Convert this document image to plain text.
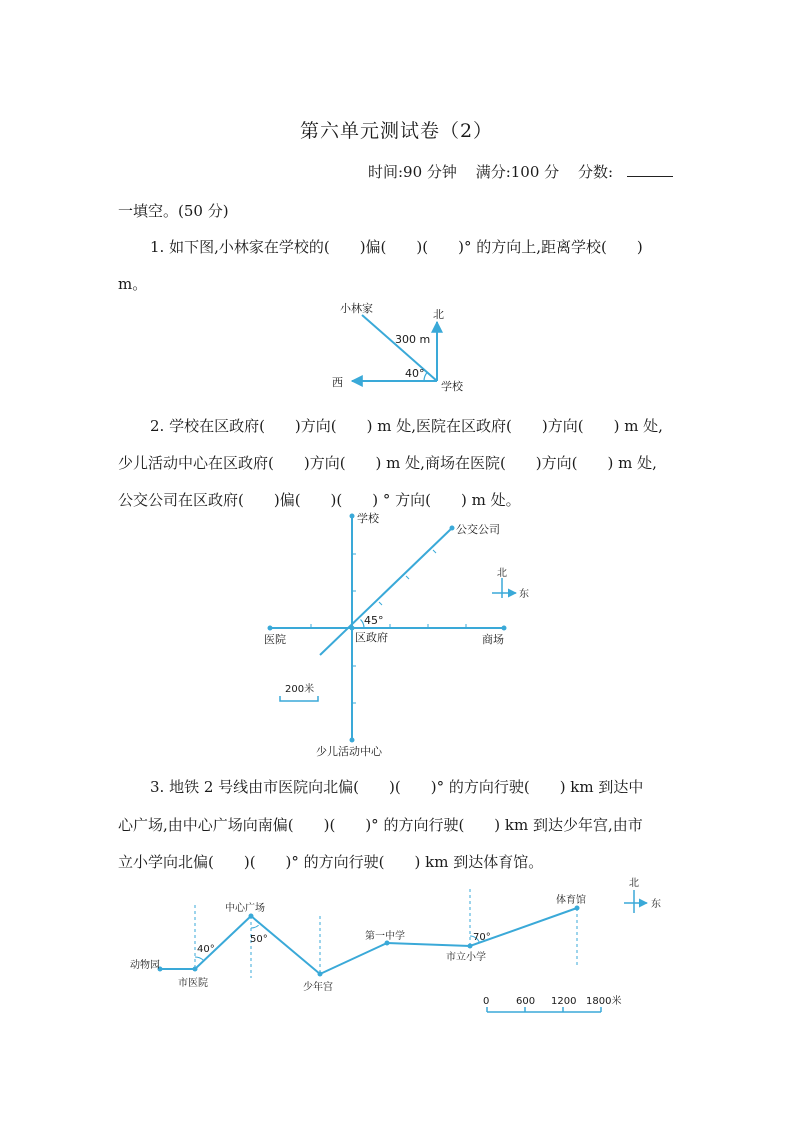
第六单元测试卷（2）
时间:90 分钟 满分:100 分 分数:
一填空。(50 分)
1. 如下图,小林家在学校的(　　)偏(　　)(　　)° 的方向上,距离学校(　　)
m。
小林家
300 m
北
西
40°
学校
2. 学校在区政府(　　)方向(　　) m 处,医院在区政府(　　)方向(　　) m 处,
少儿活动中心在区政府(　　)方向(　　) m 处,商场在医院(　　)方向(　　) m 处,
公交公司在区政府(　　)偏(　　)(　　) ° 方向(　　) m 处。
北
东
200米
学校
公交公司
45°
医院	区政府	商场
少儿活动中心
3. 地铁 2 号线由市医院向北偏(　　)(　　)° 的方向行驶(　　) km 到达中
心广场,由中心广场向南偏(　　)(　　)° 的方向行驶(　　) km 到达少年宫,由市
立小学向北偏(　　)(　　)° 的方向行驶(　　) km 到达体育馆。
动物园
市医院
40°
中心广场
50°
少年宫
第一中学	70°
市立小学
体育馆
北
东
0	600 1200 1800米
